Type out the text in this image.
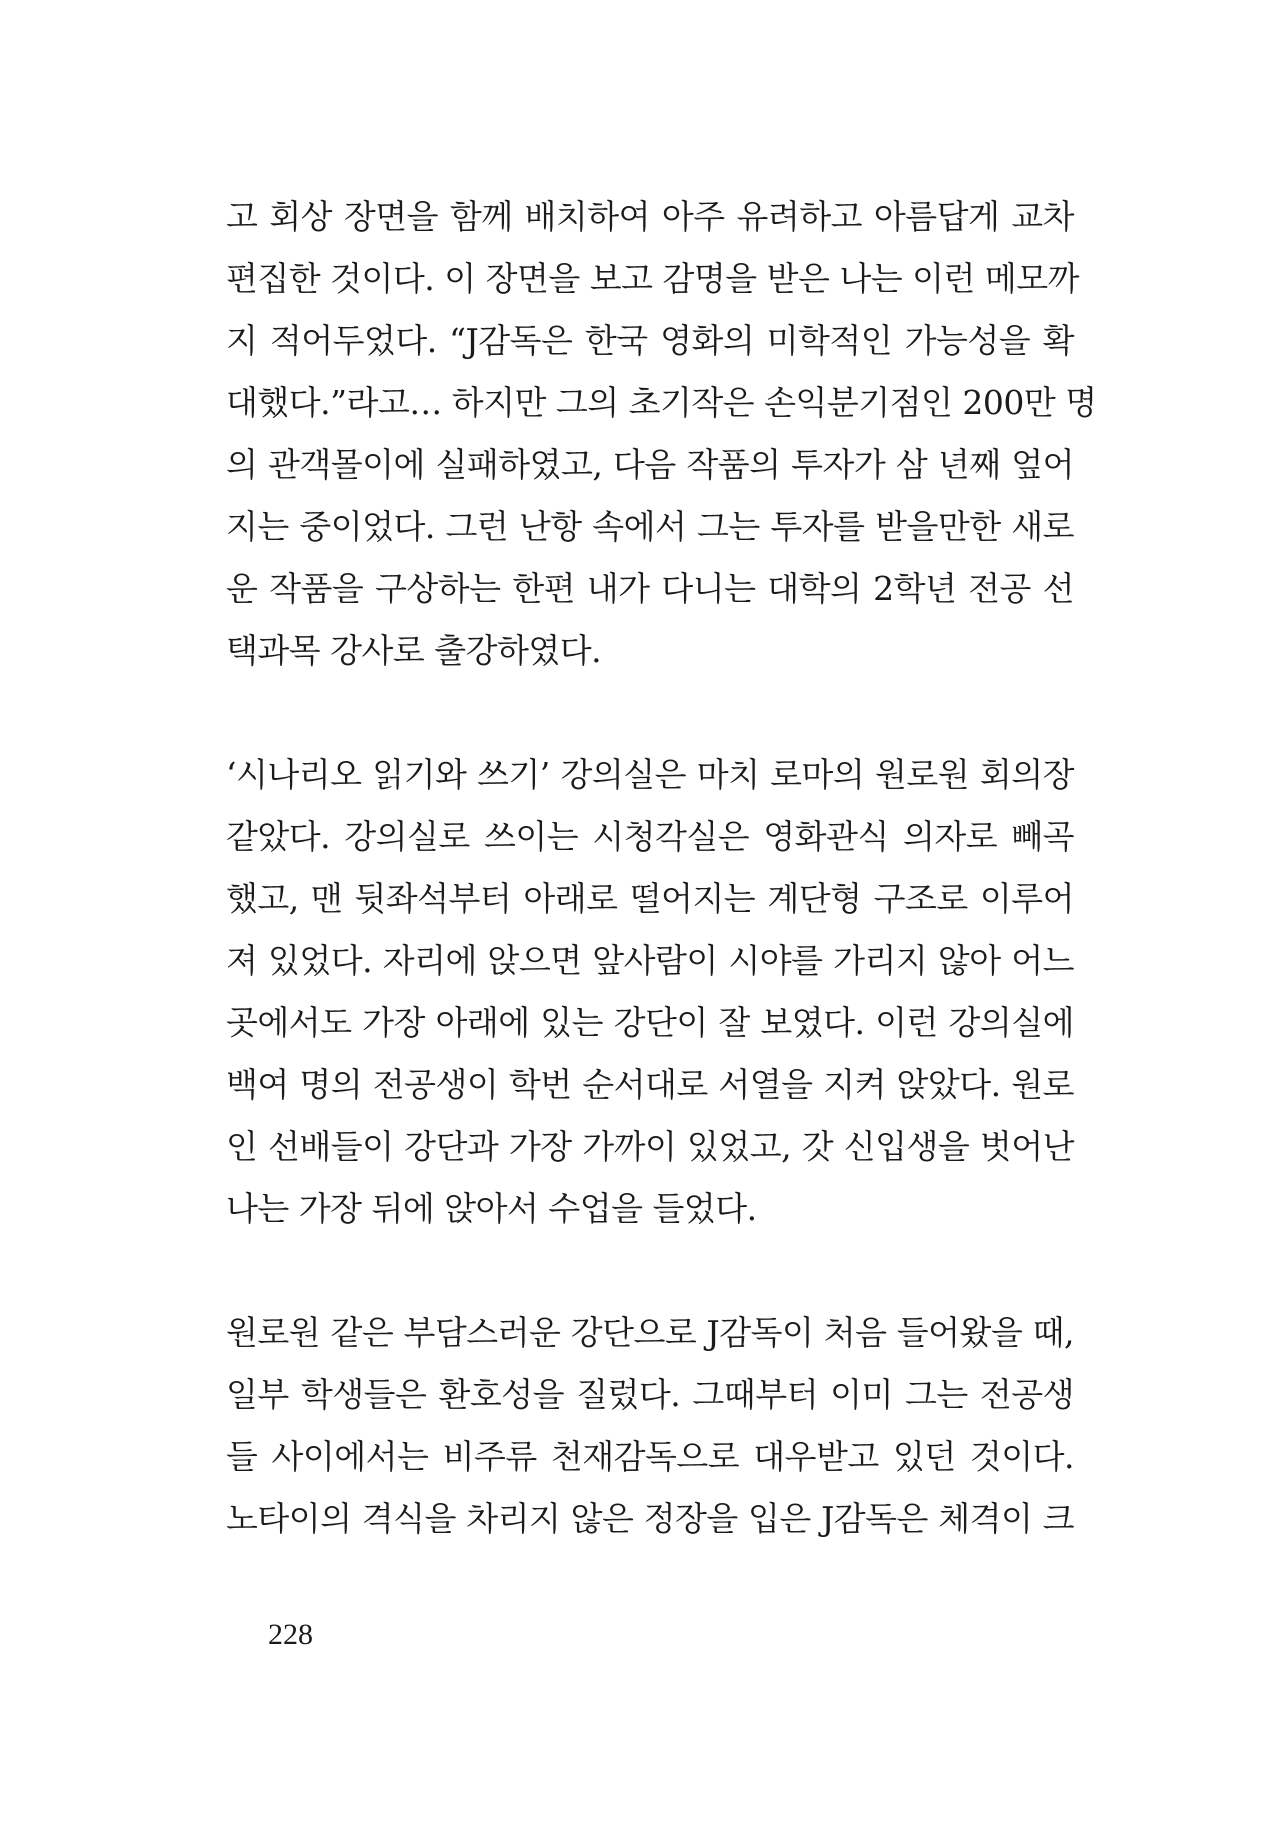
고 회상 장면을 함께 배치하여 아주 유려하고 아름답게 교차
편집한 것이다. 이 장면을 보고 감명을 받은 나는 이런 메모까
지 적어두었다. “J감독은 한국 영화의 미학적인 가능성을 확
대했다.”라고… 하지만 그의 초기작은 손익분기점인 200만 명
의 관객몰이에 실패하였고, 다음 작품의 투자가 삼 년째 엎어
지는 중이었다. 그런 난항 속에서 그는 투자를 받을만한 새로
운 작품을 구상하는 한편 내가 다니는 대학의 2학년 전공 선
택과목 강사로 출강하였다.
‘시나리오 읽기와 쓰기’ 강의실은 마치 로마의 원로원 회의장
같았다. 강의실로 쓰이는 시청각실은 영화관식 의자로 빼곡
했고, 맨 뒷좌석부터 아래로 떨어지는 계단형 구조로 이루어
져 있었다. 자리에 앉으면 앞사람이 시야를 가리지 않아 어느
곳에서도 가장 아래에 있는 강단이 잘 보였다. 이런 강의실에
백여 명의 전공생이 학번 순서대로 서열을 지켜 앉았다. 원로
인 선배들이 강단과 가장 가까이 있었고, 갓 신입생을 벗어난
나는 가장 뒤에 앉아서 수업을 들었다.
원로원 같은 부담스러운 강단으로 J감독이 처음 들어왔을 때,
일부 학생들은 환호성을 질렀다. 그때부터 이미 그는 전공생
들 사이에서는 비주류 천재감독으로 대우받고 있던 것이다.
노타이의 격식을 차리지 않은 정장을 입은 J감독은 체격이 크
228
